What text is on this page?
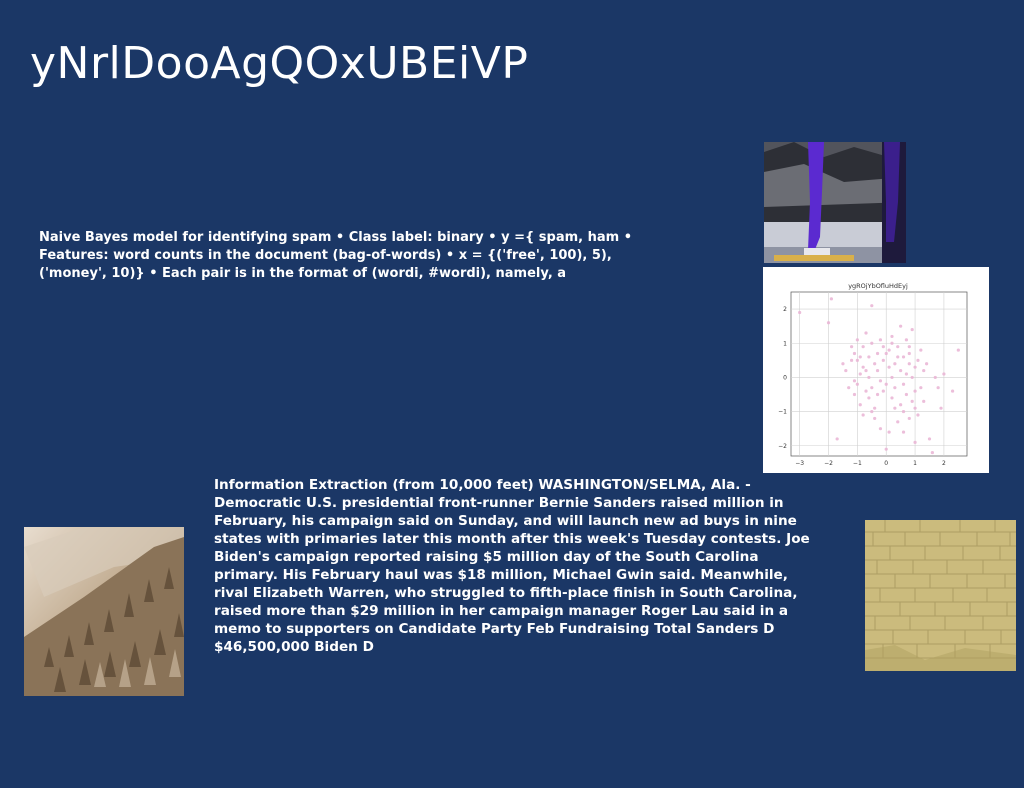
yNrlDooAgQOxUBEiVP
Naive Bayes model for identifying spam • Class label: binary • y ={ spam, ham • Features: word counts in the document (bag-of-words) • x = {('free', 100), 5), ('money', 10)} • Each pair is in the format of (wordi, #wordi), namely, a
Information Extraction (from 10,000 feet) WASHINGTON/SELMA, Ala. - Democratic U.S. presidential front-runner Bernie Sanders raised million in February, his campaign said on Sunday, and will launch new ad buys in nine states with primaries later this month after this week's Tuesday contests. Joe Biden's campaign reported raising $5 million day of the South Carolina primary. His February haul was $18 million, Michael Gwin said. Meanwhile, rival Elizabeth Warren, who struggled to fifth-place finish in South Carolina, raised more than $29 million in her campaign manager Roger Lau said in a memo to supporters on Candidate Party Feb Fundraising Total Sanders D $46,500,000 Biden D
ygROjYbOfluHdEyj
−3	−2	−1	0	1	2
−2
−1
0
1
2
